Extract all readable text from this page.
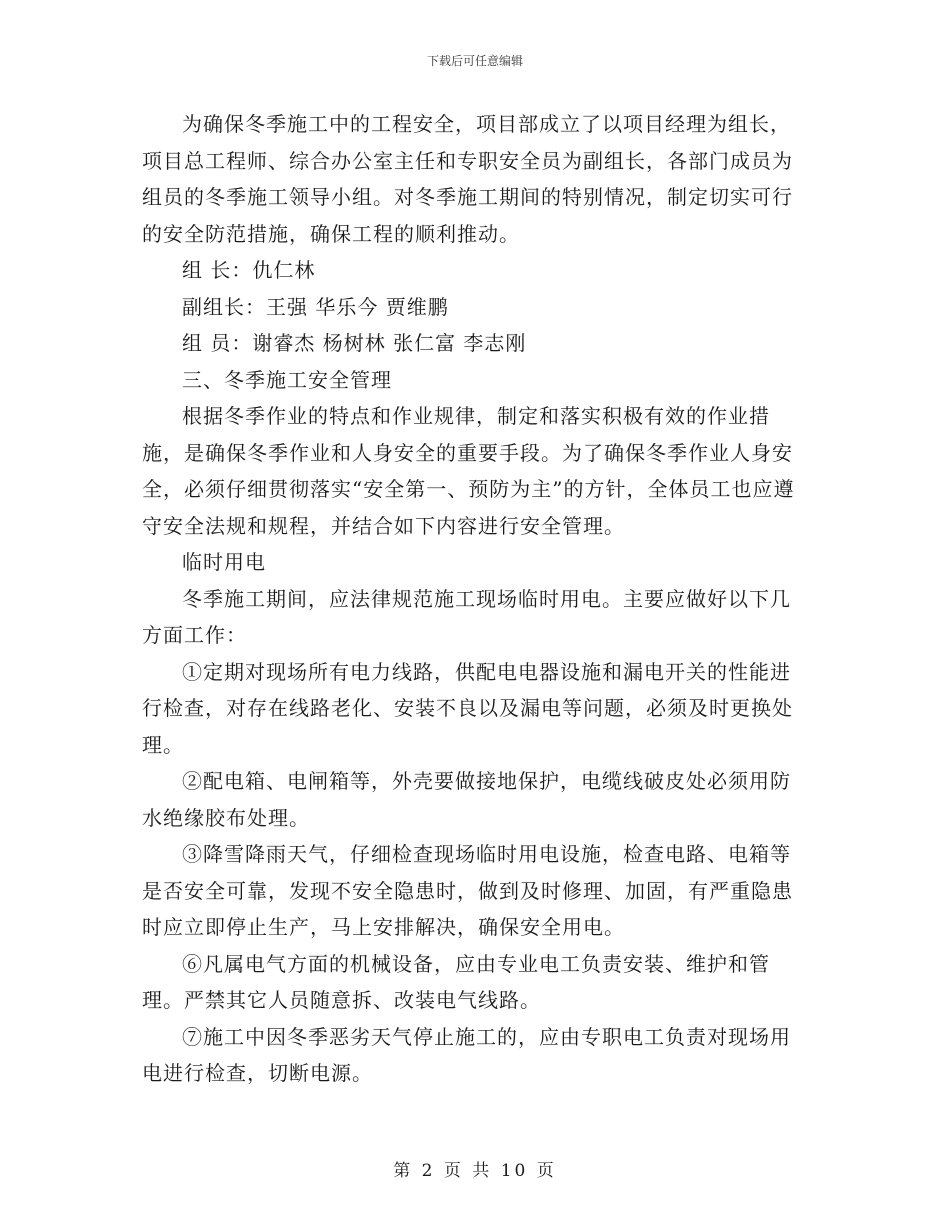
下载后可任意编辑

为确保冬季施工中的工程安全，项目部成立了以项目经理为组长，项目总工程师、综合办公室主任和专职安全员为副组长，各部门成员为组员的冬季施工领导小组。对冬季施工期间的特别情况，制定切实可行的安全防范措施，确保工程的顺利推动。

组 长：仇仁林

副组长：王强 华乐今 贾维鹏

组 员：谢睿杰 杨树林 张仁富 李志刚

三、冬季施工安全管理

根据冬季作业的特点和作业规律，制定和落实积极有效的作业措施，是确保冬季作业和人身安全的重要手段。为了确保冬季作业人身安全，必须仔细贯彻落实“安全第一、预防为主”的方针，全体员工也应遵守安全法规和规程，并结合如下内容进行安全管理。

临时用电

冬季施工期间，应法律规范施工现场临时用电。主要应做好以下几方面工作：

①定期对现场所有电力线路，供配电电器设施和漏电开关的性能进行检查，对存在线路老化、安装不良以及漏电等问题，必须及时更换处理。

②配电箱、电闸箱等，外壳要做接地保护，电缆线破皮处必须用防水绝缘胶布处理。

③降雪降雨天气，仔细检查现场临时用电设施，检查电路、电箱等是否安全可靠，发现不安全隐患时，做到及时修理、加固，有严重隐患时应立即停止生产，马上安排解决，确保安全用电。

⑥凡属电气方面的机械设备，应由专业电工负责安装、维护和管理。严禁其它人员随意拆、改装电气线路。

⑦施工中因冬季恶劣天气停止施工的，应由专职电工负责对现场用电进行检查，切断电源。

第 2 页 共 10 页
